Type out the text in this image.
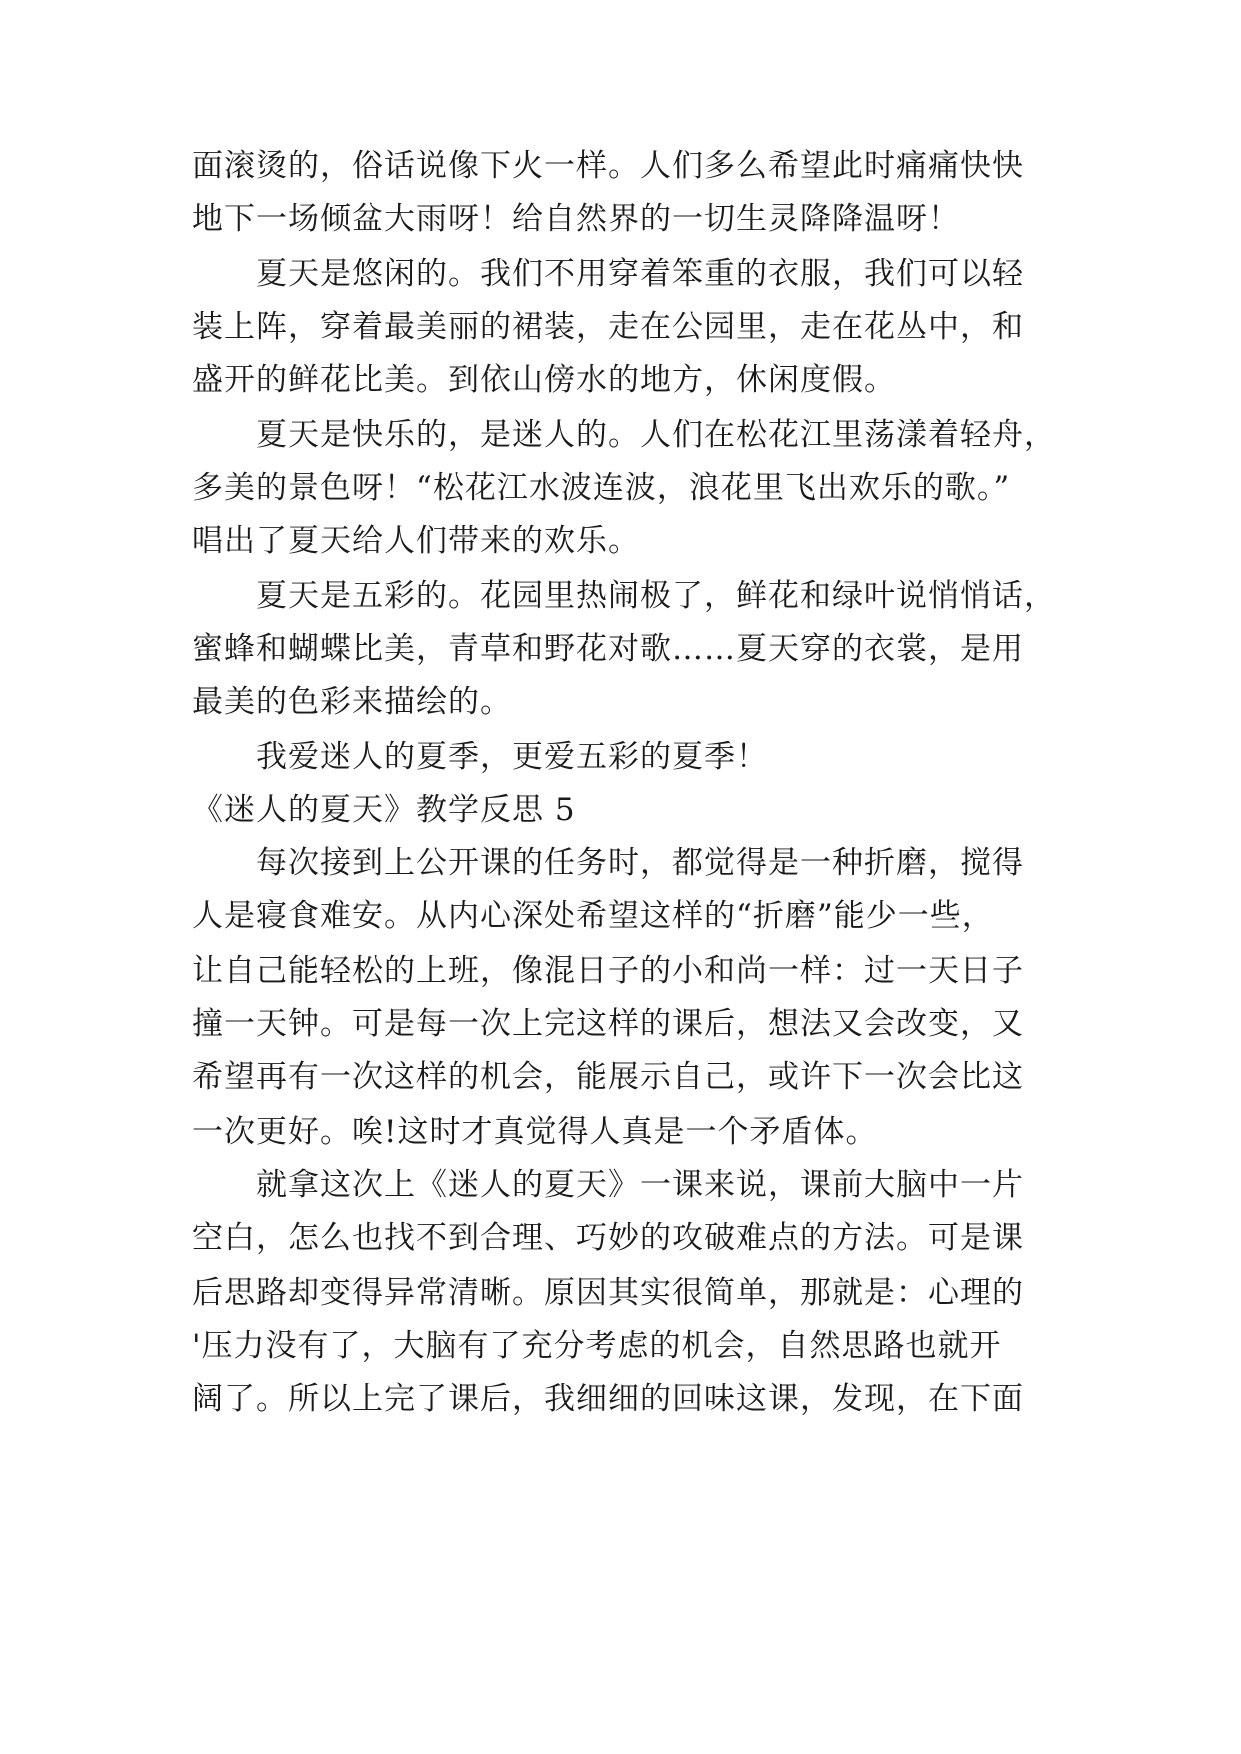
面滚烫的，俗话说像下火一样。人们多么希望此时痛痛快快
地下一场倾盆大雨呀！给自然界的一切生灵降降温呀！
夏天是悠闲的。我们不用穿着笨重的衣服，我们可以轻
装上阵，穿着最美丽的裙装，走在公园里，走在花丛中，和
盛开的鲜花比美。到依山傍水的地方，休闲度假。
夏天是快乐的，是迷人的。人们在松花江里荡漾着轻舟，
多美的景色呀！“松花江水波连波，浪花里飞出欢乐的歌。”
唱出了夏天给人们带来的欢乐。
夏天是五彩的。花园里热闹极了，鲜花和绿叶说悄悄话，
蜜蜂和蝴蝶比美，青草和野花对歌……夏天穿的衣裳，是用
最美的色彩来描绘的。
我爱迷人的夏季，更爱五彩的夏季！
《迷人的夏天》教学反思 5
每次接到上公开课的任务时，都觉得是一种折磨，搅得
人是寝食难安。从内心深处希望这样的“折磨”能少一些，
让自己能轻松的上班，像混日子的小和尚一样：过一天日子
撞一天钟。可是每一次上完这样的课后，想法又会改变，又
希望再有一次这样的机会，能展示自己，或许下一次会比这
一次更好。唉!这时才真觉得人真是一个矛盾体。
就拿这次上《迷人的夏天》一课来说，课前大脑中一片
空白，怎么也找不到合理、巧妙的攻破难点的方法。可是课
后思路却变得异常清晰。原因其实很简单，那就是：心理的
'压力没有了，大脑有了充分考虑的机会，自然思路也就开
阔了。所以上完了课后，我细细的回味这课，发现，在下面
